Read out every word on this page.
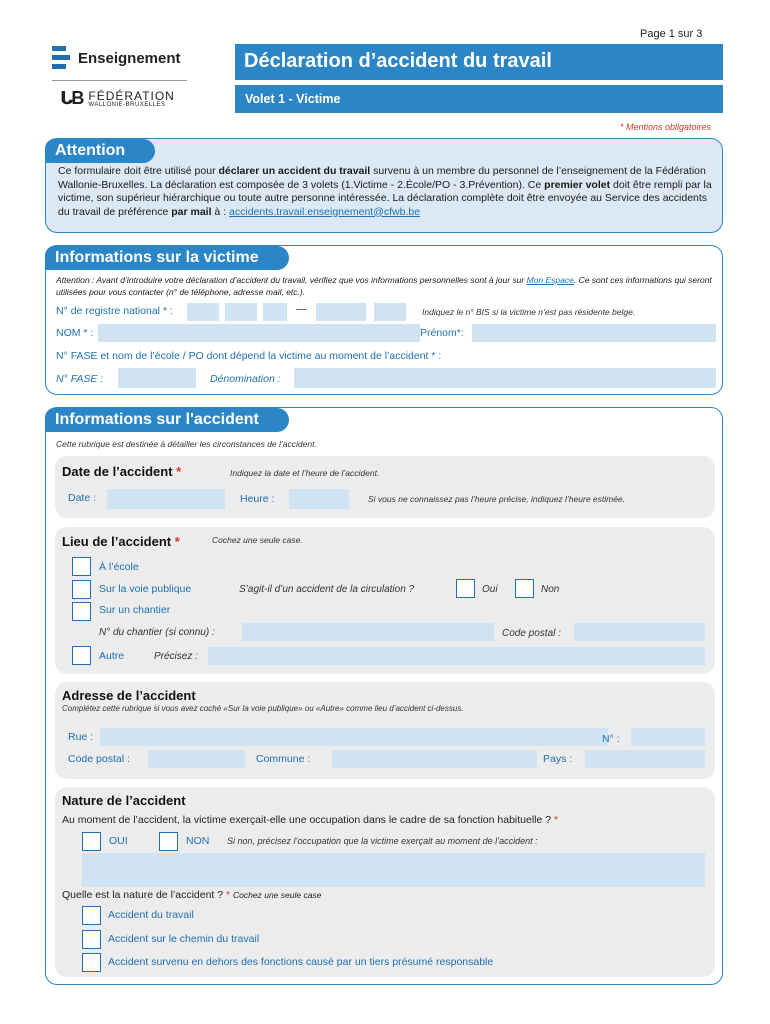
Page 1 sur 3
Enseignement
ᒐB FÉDÉRATION
WALLONIE-BRUXELLES
Déclaration d’accident du travail
Volet 1 - Victime
* Mentions obligatoires
Attention
Ce formulaire doit être utilisé pour déclarer un accident du travail survenu à un membre du personnel de l’enseignement de la Fédération Wallonie-Bruxelles. La déclaration est composée de 3 volets (1.Victime - 2.École/PO - 3.Prévention). Ce premier volet doit être rempli par la victime, son supérieur hiérarchique ou toute autre personne intéressée. La déclaration complète doit être envoyée au Service des accidents du travail de préférence par mail à : accidents.travail.enseignement@cfwb.be
Informations sur la victime
Attention : Avant d’introduire votre déclaration d’accident du travail, vérifiez que vos informations personnelles sont à jour sur Mon Espace. Ce sont ces informations qui seront utilisées pour vous contacter (n° de téléphone, adresse mail, etc.).
N° de registre national * :	—	Indiquez le n° BIS si la victime n’est pas résidente belge.
NOM * :	Prénom*:
N° FASE et nom de l’école / PO dont dépend la victime au moment de l’accident * :
N° FASE :	Dénomination :
Informations sur l'accident
Cette rubrique est destinée à détailler les circonstances de l’accident.
Date de l’accident *	Indiquez la date et l’heure de l’accident.
Date :	Heure :	Si vous ne connaissez pas l’heure précise, indiquez l’heure estimée.
Lieu de l’accident *	Cochez une seule case.
À l’école
Sur la voie publique	S’agit-il d’un accident de la circulation ?	Oui	Non
Sur un chantier
N° du chantier (si connu) :	Code postal :
Autre	Précisez :
Adresse de l’accident
Complétez cette rubrique si vous avez coché «Sur la voie publique» ou «Autre» comme lieu d’accident ci-dessus.
Rue :	N° :
Code postal :	Commune :	Pays :
Nature de l’accident
Au moment de l’accident, la victime exerçait-elle une occupation dans le cadre de sa fonction habituelle ? *
OUI	NON Si non, précisez l’occupation que la victime exerçait au moment de l’accident :
Quelle est la nature de l’accident ? * Cochez une seule case
Accident du travail
Accident sur le chemin du travail
Accident survenu en dehors des fonctions causé par un tiers présumé responsable
